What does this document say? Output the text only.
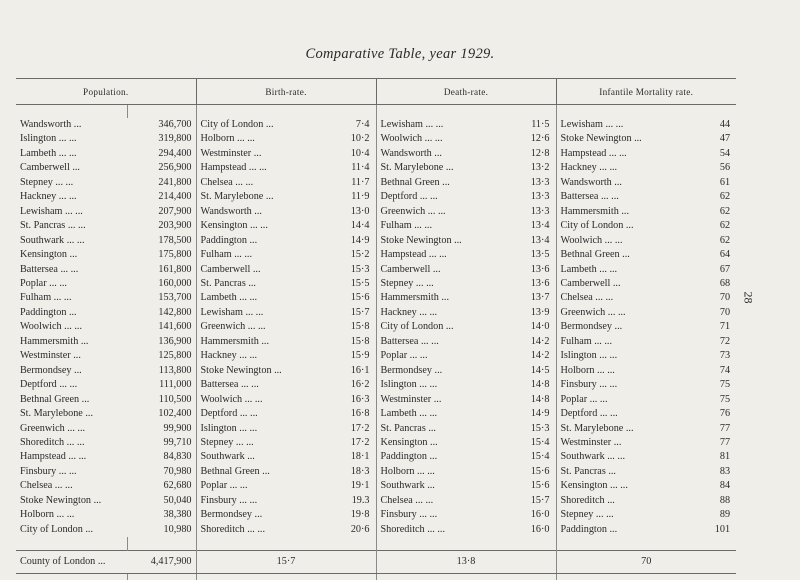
Comparative Table, year 1929.
28
Population.		Birth-rate.		Death-rate.		Infantile Mortality rate.	

Wandsworth ...	346,700	City of London ...	7·4	Lewisham ... ...	11·5	Lewisham ... ...	44
Islington ... ...	319,800	Holborn ... ...	10·2	Woolwich ... ...	12·6	Stoke Newington ...	47
Lambeth ... ...	294,400	Westminster ...	10·4	Wandsworth ...	12·8	Hampstead ... ...	54
Camberwell ...	256,900	Hampstead ... ...	11·4	St. Marylebone ...	13·2	Hackney ... ...	56
Stepney ... ...	241,800	Chelsea ... ...	11·7	Bethnal Green ...	13·3	Wandsworth ...	61
Hackney ... ...	214,400	St. Marylebone ...	11·9	Deptford ... ...	13·3	Battersea ... ...	62
Lewisham ... ...	207,900	Wandsworth ...	13·0	Greenwich ... ...	13·3	Hammersmith ...	62
St. Pancras ... ...	203,900	Kensington ... ...	14·4	Fulham ... ...	13·4	City of London ...	62
Southwark ... ...	178,500	Paddington ...	14·9	Stoke Newington ...	13·4	Woolwich ... ...	62
Kensington ...	175,800	Fulham ... ...	15·2	Hampstead ... ...	13·5	Bethnal Green ...	64
Battersea ... ...	161,800	Camberwell ...	15·3	Camberwell ...	13·6	Lambeth ... ...	67
Poplar ... ...	160,000	St. Pancras ...	15·5	Stepney ... ...	13·6	Camberwell ...	68
Fulham ... ...	153,700	Lambeth ... ...	15·6	Hammersmith ...	13·7	Chelsea ... ...	70
Paddington ...	142,800	Lewisham ... ...	15·7	Hackney ... ...	13·9	Greenwich ... ...	70
Woolwich ... ...	141,600	Greenwich ... ...	15·8	City of London ...	14·0	Bermondsey ...	71
Hammersmith ...	136,900	Hammersmith ...	15·8	Battersea ... ...	14·2	Fulham ... ...	72
Westminster ...	125,800	Hackney ... ...	15·9	Poplar ... ...	14·2	Islington ... ...	73
Bermondsey ...	113,800	Stoke Newington ...	16·1	Bermondsey ...	14·5	Holborn ... ...	74
Deptford ... ...	111,000	Battersea ... ...	16·2	Islington ... ...	14·8	Finsbury ... ...	75
Bethnal Green ...	110,500	Woolwich ... ...	16·3	Westminster ...	14·8	Poplar ... ...	75
St. Marylebone ...	102,400	Deptford ... ...	16·8	Lambeth ... ...	14·9	Deptford ... ...	76
Greenwich ... ...	99,900	Islington ... ...	17·2	St. Pancras ...	15·3	St. Marylebone ...	77
Shoreditch ... ...	99,710	Stepney ... ...	17·2	Kensington ...	15·4	Westminster ...	77
Hampstead ... ...	84,830	Southwark ...	18·1	Paddington ...	15·4	Southwark ... ...	81
Finsbury ... ...	70,980	Bethnal Green ...	18·3	Holborn ... ...	15·6	St. Pancras ...	83
Chelsea ... ...	62,680	Poplar ... ...	19·1	Southwark ...	15·6	Kensington ... ...	84
Stoke Newington ...	50,040	Finsbury ... ...	19.3	Chelsea ... ...	15·7	Shoreditch ...	88
Holborn ... ...	38,380	Bermondsey ...	19·8	Finsbury ... ...	16·0	Stepney ... ...	89
City of London ...	10,980	Shoreditch ... ...	20·6	Shoreditch ... ...	16·0	Paddington ...	101

County of London ...	4,417,900	15·7		13·8		70	
